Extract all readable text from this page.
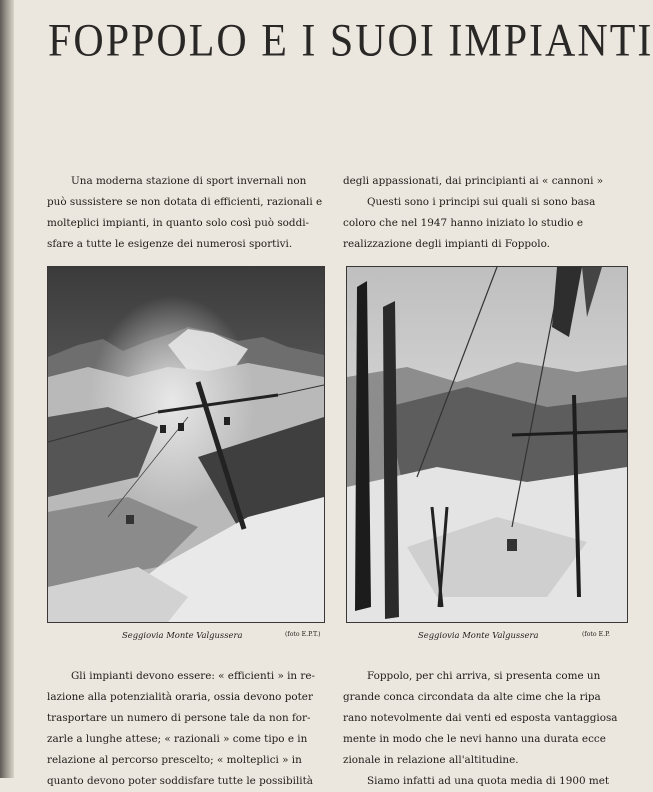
FOPPOLO E I SUOI IMPIANTI

Una moderna stazione di sport invernali non

può sussistere se non dotata di efficienti, razionali e

molteplici impianti, in quanto solo così può soddi-

sfare a tutte le esigenze dei numerosi sportivi.

degli appassionati, dai principianti ai « cannoni »

Questi sono i principi sui quali si sono basa

coloro che nel 1947 hanno iniziato lo studio e

realizzazione degli impianti di Foppolo.

Seggiovia Monte Valgussera	(foto E.P.T.)	Seggiovia Monte Valgussera	(foto E.P.

Gli impianti devono essere: « efficienti » in re-

lazione alla potenzialità oraria, ossia devono poter

trasportare un numero di persone tale da non for-

zarle a lunghe attese; « razionali » come tipo e in

relazione al percorso prescelto; « molteplici » in

quanto devono poter soddisfare tutte le possibilità

Foppolo, per chi arriva, si presenta come un

grande conca circondata da alte cime che la ripa

rano notevolmente dai venti ed esposta vantaggiosa

mente in modo che le nevi hanno una durata ecce

zionale in relazione all'altitudine.

Siamo infatti ad una quota media di 1900 met
